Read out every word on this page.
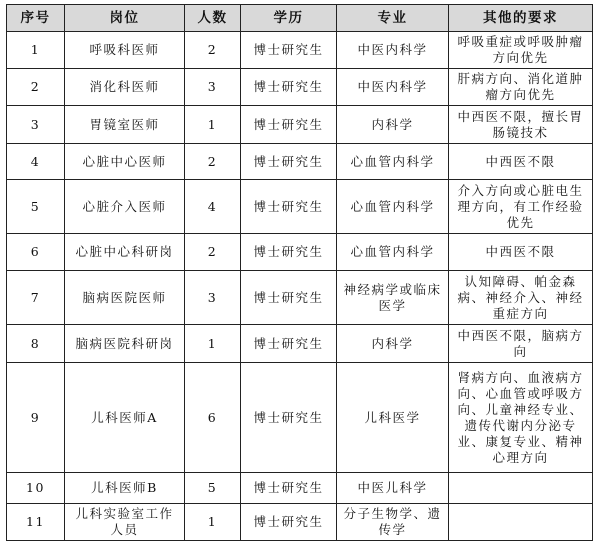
序号	岗位	人数	学历	专业	其他的要求
1	呼吸科医师	2	博士研究生	中医内科学	呼吸重症或呼吸肿瘤方向优先
2	消化科医师	3	博士研究生	中医内科学	肝病方向、消化道肿瘤方向优先
3	胃镜室医师	1	博士研究生	内科学	中西医不限，擅长胃肠镜技术
4	心脏中心医师	2	博士研究生	心血管内科学	中西医不限
5	心脏介入医师	4	博士研究生	心血管内科学	介入方向或心脏电生理方向，有工作经验优先
6	心脏中心科研岗	2	博士研究生	心血管内科学	中西医不限
7	脑病医院医师	3	博士研究生	神经病学或临床医学	认知障碍、帕金森病、神经介入、神经重症方向
8	脑病医院科研岗	1	博士研究生	内科学	中西医不限，脑病方向
9	儿科医师A	6	博士研究生	儿科医学	肾病方向、血液病方向、心血管或呼吸方向、儿童神经专业、遗传代谢内分泌专业、康复专业、精神心理方向
10	儿科医师B	5	博士研究生	中医儿科学	
11	儿科实验室工作人员	1	博士研究生	分子生物学、遗传学	
